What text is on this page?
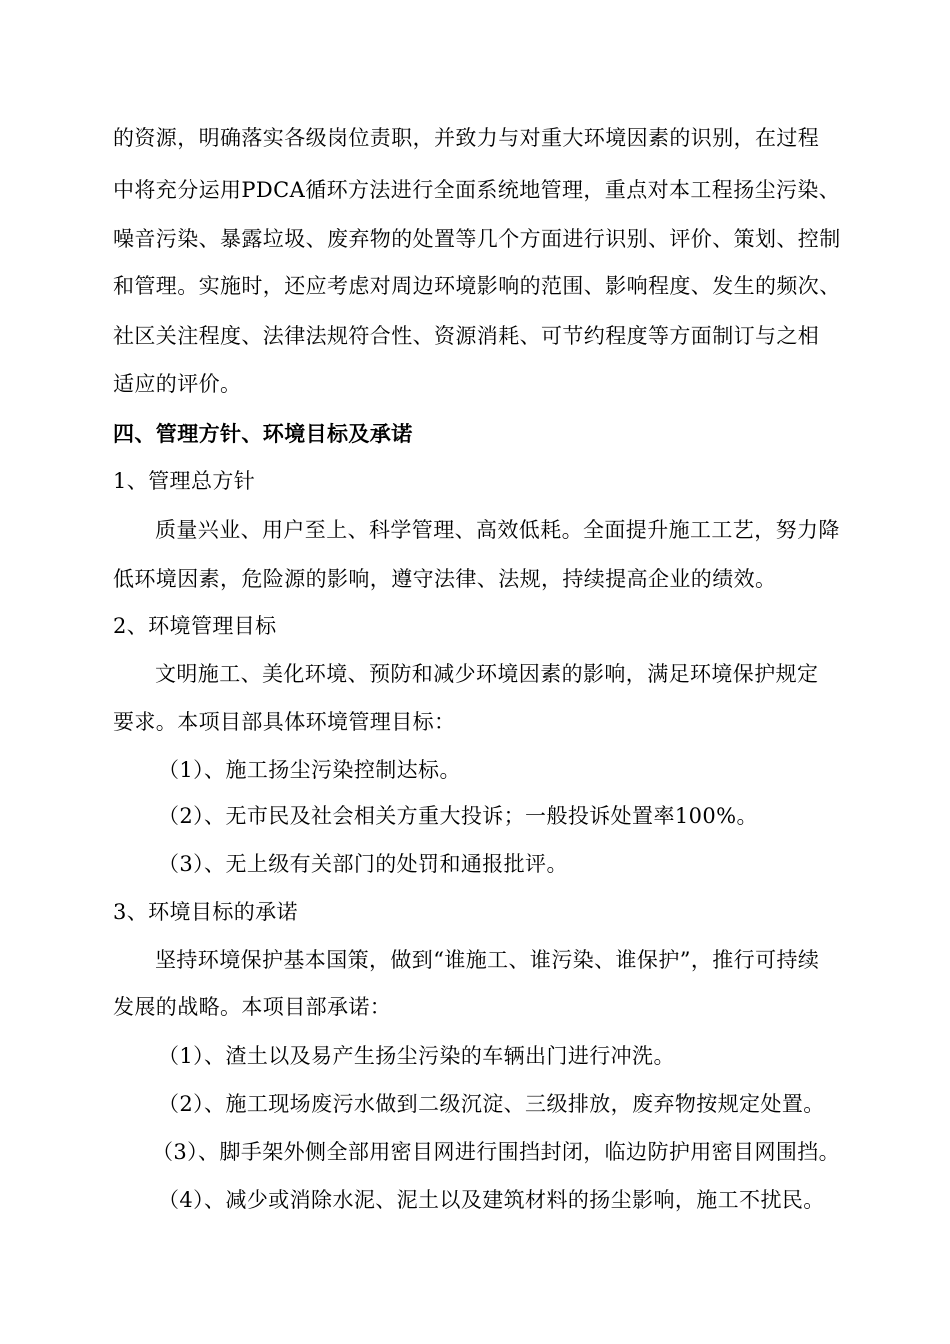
的资源，明确落实各级岗位责职，并致力与对重大环境因素的识别，在过程
中将充分运用PDCA循环方法进行全面系统地管理，重点对本工程扬尘污染、
噪音污染、暴露垃圾、废弃物的处置等几个方面进行识别、评价、策划、控制
和管理。实施时，还应考虑对周边环境影响的范围、影响程度、发生的频次、
社区关注程度、法律法规符合性、资源消耗、可节约程度等方面制订与之相
适应的评价。
四、管理方针、环境目标及承诺
1、管理总方针
质量兴业、用户至上、科学管理、高效低耗。全面提升施工工艺，努力降
低环境因素，危险源的影响，遵守法律、法规，持续提高企业的绩效。
2、环境管理目标
文明施工、美化环境、预防和减少环境因素的影响，满足环境保护规定
要求。本项目部具体环境管理目标：
（1）、施工扬尘污染控制达标。
（2）、无市民及社会相关方重大投诉；一般投诉处置率100%。
（3）、无上级有关部门的处罚和通报批评。
3、环境目标的承诺
坚持环境保护基本国策，做到“谁施工、谁污染、谁保护”，推行可持续
发展的战略。本项目部承诺：
（1）、渣土以及易产生扬尘污染的车辆出门进行冲洗。
（2）、施工现场废污水做到二级沉淀、三级排放，废弃物按规定处置。
（3）、脚手架外侧全部用密目网进行围挡封闭，临边防护用密目网围挡。
（4）、减少或消除水泥、泥土以及建筑材料的扬尘影响，施工不扰民。
